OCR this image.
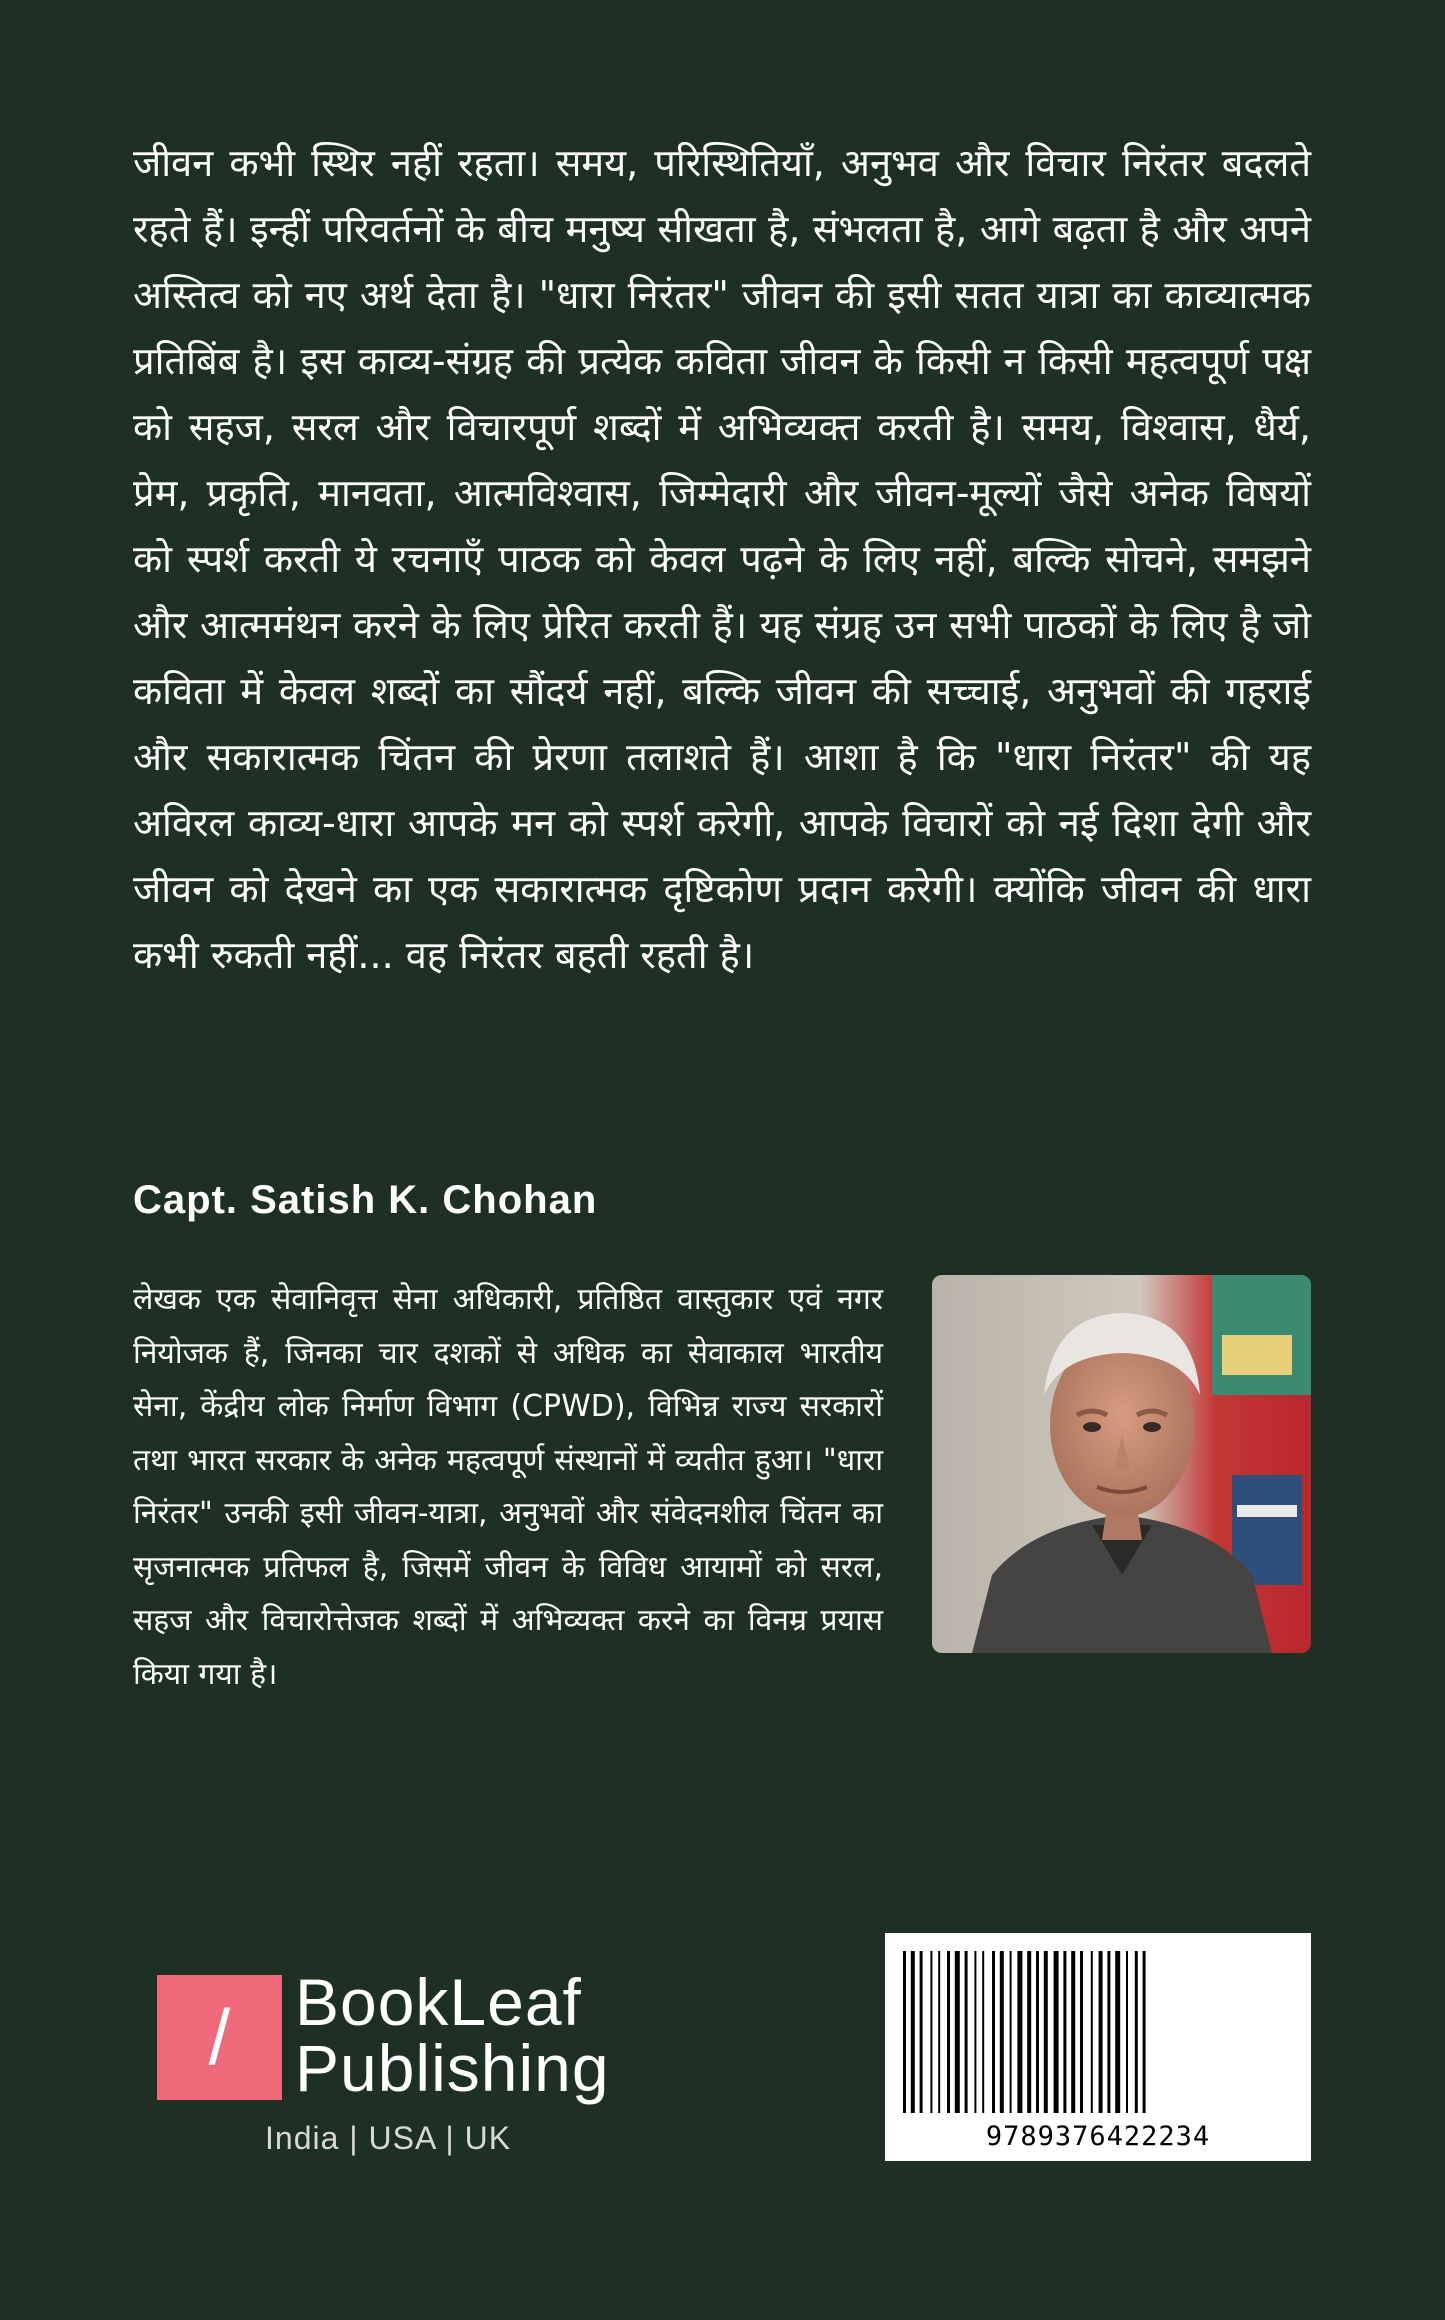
जीवन कभी स्थिर नहीं रहता। समय, परिस्थितियाँ, अनुभव और विचार निरंतर बदलते रहते हैं। इन्हीं परिवर्तनों के बीच मनुष्य सीखता है, संभलता है, आगे बढ़ता है और अपने अस्तित्व को नए अर्थ देता है। "धारा निरंतर" जीवन की इसी सतत यात्रा का काव्यात्मक प्रतिबिंब है। इस काव्य-संग्रह की प्रत्येक कविता जीवन के किसी न किसी महत्वपूर्ण पक्ष को सहज, सरल और विचारपूर्ण शब्दों में अभिव्यक्त करती है। समय, विश्वास, धैर्य, प्रेम, प्रकृति, मानवता, आत्मविश्वास, जिम्मेदारी और जीवन-मूल्यों जैसे अनेक विषयों को स्पर्श करती ये रचनाएँ पाठक को केवल पढ़ने के लिए नहीं, बल्कि सोचने, समझने और आत्ममंथन करने के लिए प्रेरित करती हैं। यह संग्रह उन सभी पाठकों के लिए है जो कविता में केवल शब्दों का सौंदर्य नहीं, बल्कि जीवन की सच्चाई, अनुभवों की गहराई और सकारात्मक चिंतन की प्रेरणा तलाशते हैं। आशा है कि "धारा निरंतर" की यह अविरल काव्य-धारा आपके मन को स्पर्श करेगी, आपके विचारों को नई दिशा देगी और जीवन को देखने का एक सकारात्मक दृष्टिकोण प्रदान करेगी। क्योंकि जीवन की धारा कभी रुकती नहीं... वह निरंतर बहती रहती है।

Capt. Satish K. Chohan

लेखक एक सेवानिवृत्त सेना अधिकारी, प्रतिष्ठित वास्तुकार एवं नगर नियोजक हैं, जिनका चार दशकों से अधिक का सेवाकाल भारतीय सेना, केंद्रीय लोक निर्माण विभाग (CPWD), विभिन्न राज्य सरकारों तथा भारत सरकार के अनेक महत्वपूर्ण संस्थानों में व्यतीत हुआ। "धारा निरंतर" उनकी इसी जीवन-यात्रा, अनुभवों और संवेदनशील चिंतन का सृजनात्मक प्रतिफल है, जिसमें जीवन के विविध आयामों को सरल, सहज और विचारोत्तेजक शब्दों में अभिव्यक्त करने का विनम्र प्रयास किया गया है।

/ BookLeaf
Publishing
India | USA | UK	9789376422234
